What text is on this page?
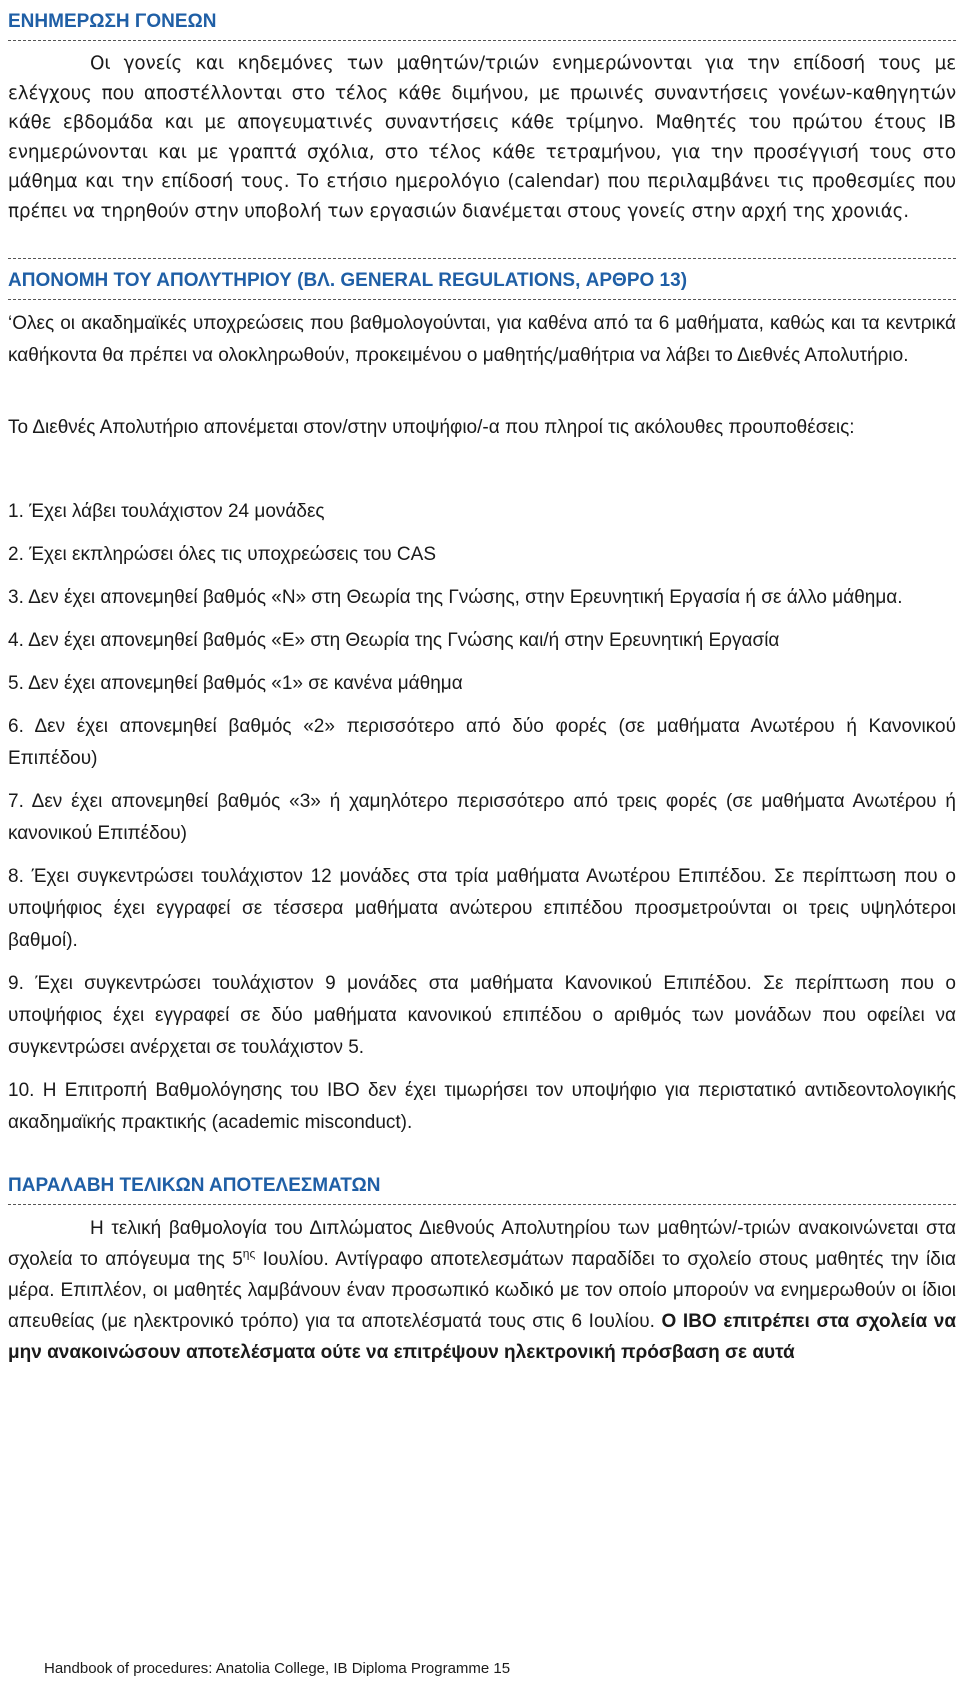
ΕΝΗΜΕΡΩΣΗ ΓΟΝΕΩΝ

Οι γονείς και κηδεμόνες των μαθητών/τριών ενημερώνονται για την επίδοσή τους με ελέγχους που αποστέλλονται στο τέλος κάθε διμήνου, με πρωινές συναντήσεις γονέων-καθηγητών κάθε εβδομάδα και με απογευματινές συναντήσεις κάθε τρίμηνο. Μαθητές του πρώτου έτους IB ενημερώνονται και με γραπτά σχόλια, στο τέλος κάθε τετραμήνου, για την προσέγγισή τους στο μάθημα και την επίδοσή τους. Το ετήσιο ημερολόγιο (calendar) που περιλαμβάνει τις προθεσμίες που πρέπει να τηρηθούν στην υποβολή των εργασιών διανέμεται στους γονείς στην αρχή της χρονιάς.

ΑΠΟΝΟΜΗ ΤΟΥ ΑΠΟΛΥΤΗΡΙΟΥ (ΒΛ. GENERAL REGULATIONS, ΑΡΘΡΟ 13)

‘Ολες οι ακαδημαϊκές υποχρεώσεις που βαθμολογούνται, για καθένα από τα 6 μαθήματα, καθώς και τα κεντρικά καθήκοντα θα πρέπει να ολοκληρωθούν, προκειμένου ο μαθητής/μαθήτρια να λάβει το Διεθνές Απολυτήριο.

Το Διεθνές Απολυτήριο απονέμεται στον/στην υποψήφιο/-α που πληροί τις ακόλουθες προυποθέσεις:

1. Έχει λάβει τουλάχιστον 24 μονάδες
2. Έχει εκπληρώσει όλες τις υποχρεώσεις του CAS
3. Δεν έχει απονεμηθεί βαθμός «N» στη Θεωρία της Γνώσης, στην Ερευνητική Εργασία ή σε άλλο μάθημα.
4. Δεν έχει απονεμηθεί βαθμός «E» στη Θεωρία της Γνώσης και/ή στην Ερευνητική Εργασία
5. Δεν έχει απονεμηθεί βαθμός «1» σε κανένα μάθημα
6. Δεν έχει απονεμηθεί βαθμός «2» περισσότερο από δύο φορές (σε μαθήματα Ανωτέρου ή Κανονικού Επιπέδου)
7. Δεν έχει απονεμηθεί βαθμός «3» ή χαμηλότερο περισσότερο από τρεις φορές (σε μαθήματα Ανωτέρου ή κανονικού Επιπέδου)
8. Έχει συγκεντρώσει τουλάχιστον 12 μονάδες στα τρία μαθήματα Ανωτέρου Επιπέδου. Σε περίπτωση που ο υποψήφιος έχει εγγραφεί σε τέσσερα μαθήματα ανώτερου επιπέδου προσμετρούνται οι τρεις υψηλότεροι βαθμοί).
9. Έχει συγκεντρώσει τουλάχιστον 9 μονάδες στα μαθήματα Κανονικού Επιπέδου. Σε περίπτωση που ο υποψήφιος έχει εγγραφεί σε δύο μαθήματα κανονικού επιπέδου ο αριθμός των μονάδων που οφείλει να συγκεντρώσει ανέρχεται σε τουλάχιστον 5.
10. Η Επιτροπή Βαθμολόγησης του IBO δεν έχει τιμωρήσει τον υποψήφιο για περιστατικό αντιδεοντολογικής ακαδημαϊκής πρακτικής (academic misconduct).
ΠΑΡΑΛΑΒΗ ΤΕΛΙΚΩΝ ΑΠΟΤΕΛΕΣΜΑΤΩΝ

Η τελική βαθμολογία του Διπλώματος Διεθνούς Απολυτηρίου των μαθητών/-τριών ανακοινώνεται στα σχολεία το απόγευμα της $5^{\eta\varsigma}$ Ιουλίου. Αντίγραφο αποτελεσμάτων παραδίδει το σχολείο στους μαθητές την ίδια μέρα. Επιπλέον, οι μαθητές λαμβάνουν έναν προσωπικό κωδικό με τον οποίο μπορούν να ενημερωθούν οι ίδιοι απευθείας (με ηλεκτρονικό τρόπο) για τα αποτελέσματά τους στις 6 Ιουλίου. Ο IBO επιτρέπει στα σχολεία να μην ανακοινώσουν αποτελέσματα ούτε να επιτρέψουν ηλεκτρονική πρόσβαση σε αυτά

Handbook of procedures: Anatolia College, IB Diploma Programme 15
